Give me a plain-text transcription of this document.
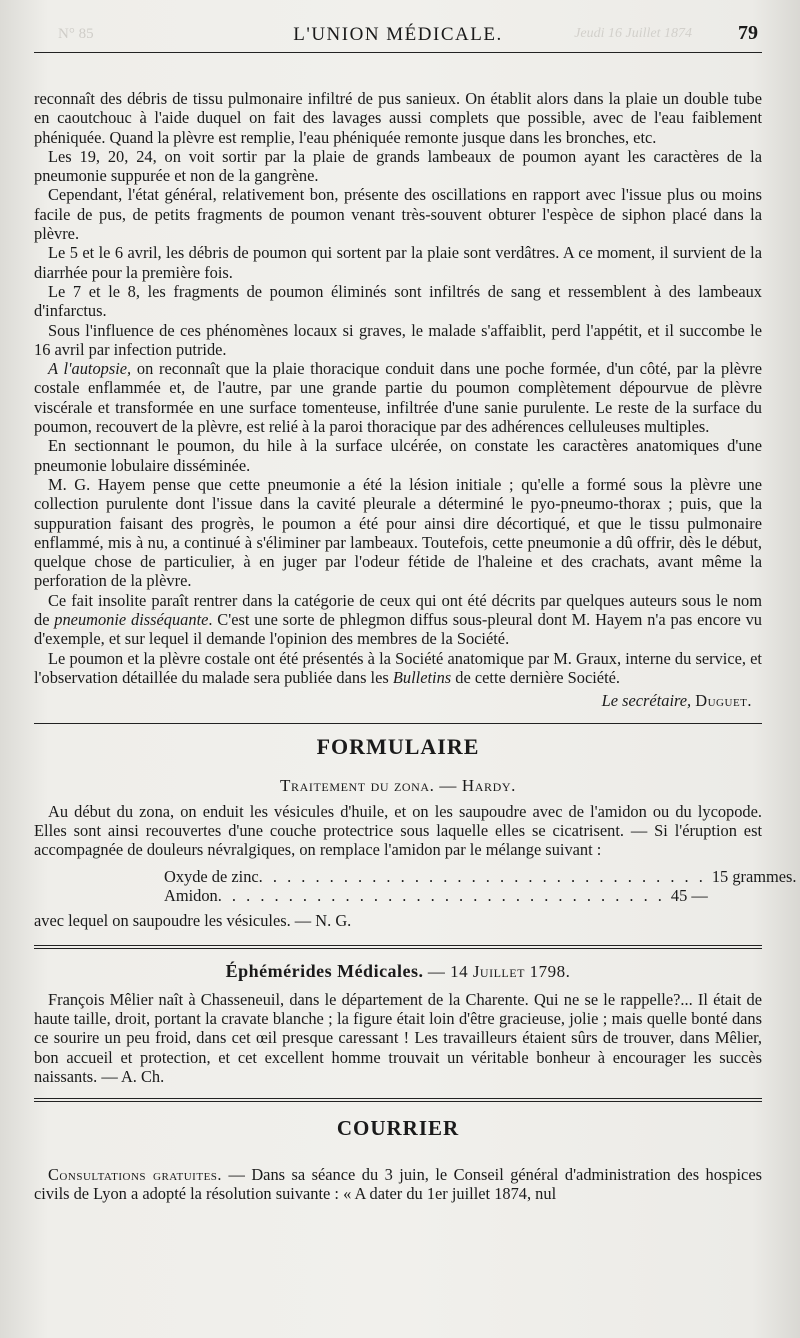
N° 85	L'UNION MÉDICALE.	Jeudi 16 Juillet 1874 79

reconnaît des débris de tissu pulmonaire infiltré de pus sanieux. On établit alors dans la plaie un double tube en caoutchouc à l'aide duquel on fait des lavages aussi complets que possible, avec de l'eau faiblement phéniquée. Quand la plèvre est remplie, l'eau phéniquée remonte jusque dans les bronches, etc.

Les 19, 20, 24, on voit sortir par la plaie de grands lambeaux de poumon ayant les caractères de la pneumonie suppurée et non de la gangrène.

Cependant, l'état général, relativement bon, présente des oscillations en rapport avec l'issue plus ou moins facile de pus, de petits fragments de poumon venant très-souvent obturer l'espèce de siphon placé dans la plèvre.

Le 5 et le 6 avril, les débris de poumon qui sortent par la plaie sont verdâtres. A ce moment, il survient de la diarrhée pour la première fois.

Le 7 et le 8, les fragments de poumon éliminés sont infiltrés de sang et ressemblent à des lambeaux d'infarctus.

Sous l'influence de ces phénomènes locaux si graves, le malade s'affaiblit, perd l'appétit, et il succombe le 16 avril par infection putride.

A l'autopsie, on reconnaît que la plaie thoracique conduit dans une poche formée, d'un côté, par la plèvre costale enflammée et, de l'autre, par une grande partie du poumon complètement dépourvue de plèvre viscérale et transformée en une surface tomenteuse, infiltrée d'une sanie purulente. Le reste de la surface du poumon, recouvert de la plèvre, est relié à la paroi thoracique par des adhérences celluleuses multiples.

En sectionnant le poumon, du hile à la surface ulcérée, on constate les caractères anatomiques d'une pneumonie lobulaire disséminée.

M. G. Hayem pense que cette pneumonie a été la lésion initiale ; qu'elle a formé sous la plèvre une collection purulente dont l'issue dans la cavité pleurale a déterminé le pyo-pneumo-thorax ; puis, que la suppuration faisant des progrès, le poumon a été pour ainsi dire décortiqué, et que le tissu pulmonaire enflammé, mis à nu, a continué à s'éliminer par lambeaux. Toutefois, cette pneumonie a dû offrir, dès le début, quelque chose de particulier, à en juger par l'odeur fétide de l'haleine et des crachats, avant même la perforation de la plèvre.

Ce fait insolite paraît rentrer dans la catégorie de ceux qui ont été décrits par quelques auteurs sous le nom de pneumonie disséquante. C'est une sorte de phlegmon diffus sous-pleural dont M. Hayem n'a pas encore vu d'exemple, et sur lequel il demande l'opinion des membres de la Société.

Le poumon et la plèvre costale ont été présentés à la Société anatomique par M. Graux, interne du service, et l'observation détaillée du malade sera publiée dans les Bulletins de cette dernière Société.

Le secrétaire, Duguet.

FORMULAIRE
Traitement du zona. — Hardy.

Au début du zona, on enduit les vésicules d'huile, et on les saupoudre avec de l'amidon ou du lycopode. Elles sont ainsi recouvertes d'une couche protectrice sous laquelle elles se cicatrisent. — Si l'éruption est accompagnée de douleurs névralgiques, on remplace l'amidon par le mélange suivant :

Oxyde de zinc . . . . . . . . . . . . . . . . . . . . . . . . . . . . . . . . 15 grammes.
Amidon . . . . . . . . . . . . . . . . . . . . . . . . . . . . . . . . 45 —

avec lequel on saupoudre les vésicules. — N. G.

Éphémérides Médicales. — 14 Juillet 1798.

François Mêlier naît à Chasseneuil, dans le département de la Charente. Qui ne se le rappelle?... Il était de haute taille, droit, portant la cravate blanche ; la figure était loin d'être gracieuse, jolie ; mais quelle bonté dans ce sourire un peu froid, dans cet œil presque caressant ! Les travailleurs étaient sûrs de trouver, dans Mêlier, bon accueil et protection, et cet excellent homme trouvait un véritable bonheur à encourager les succès naissants. — A. Ch.

COURRIER

Consultations gratuites. — Dans sa séance du 3 juin, le Conseil général d'administration des hospices civils de Lyon a adopté la résolution suivante : « A dater du 1er juillet 1874, nul
